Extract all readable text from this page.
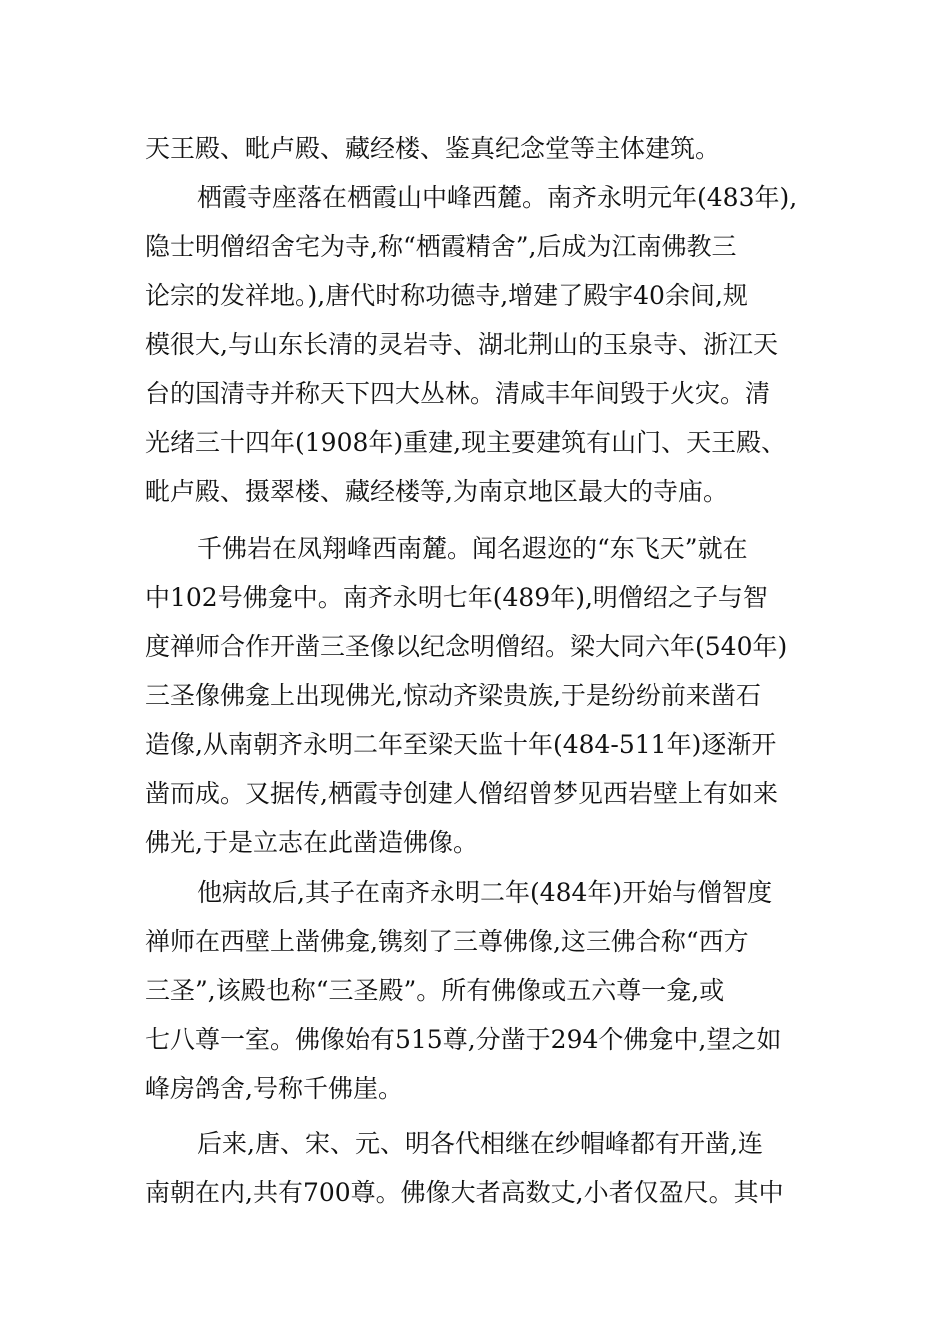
天王殿、毗卢殿、藏经楼、鉴真纪念堂等主体建筑。
栖霞寺座落在栖霞山中峰西麓。南齐永明元年(483年),
隐士明僧绍舍宅为寺,称“栖霞精舍”,后成为江南佛教三
论宗的发祥地。),唐代时称功德寺,增建了殿宇40余间,规
模很大,与山东长清的灵岩寺、湖北荆山的玉泉寺、浙江天
台的国清寺并称天下四大丛林。清咸丰年间毁于火灾。清
光绪三十四年(1908年)重建,现主要建筑有山门、天王殿、
毗卢殿、摄翠楼、藏经楼等,为南京地区最大的寺庙。
千佛岩在凤翔峰西南麓。闻名遐迩的“东飞天”就在
中102号佛龛中。南齐永明七年(489年),明僧绍之子与智
度禅师合作开凿三圣像以纪念明僧绍。梁大同六年(540年)
三圣像佛龛上出现佛光,惊动齐梁贵族,于是纷纷前来凿石
造像,从南朝齐永明二年至梁天监十年(484-511年)逐渐开
凿而成。又据传,栖霞寺创建人僧绍曾梦见西岩壁上有如来
佛光,于是立志在此凿造佛像。
他病故后,其子在南齐永明二年(484年)开始与僧智度
禅师在西壁上凿佛龛,镌刻了三尊佛像,这三佛合称“西方
三圣”,该殿也称“三圣殿”。所有佛像或五六尊一龛,或
七八尊一室。佛像始有515尊,分凿于294个佛龛中,望之如
峰房鸽舍,号称千佛崖。
后来,唐、宋、元、明各代相继在纱帽峰都有开凿,连
南朝在内,共有700尊。佛像大者高数丈,小者仅盈尺。其中
